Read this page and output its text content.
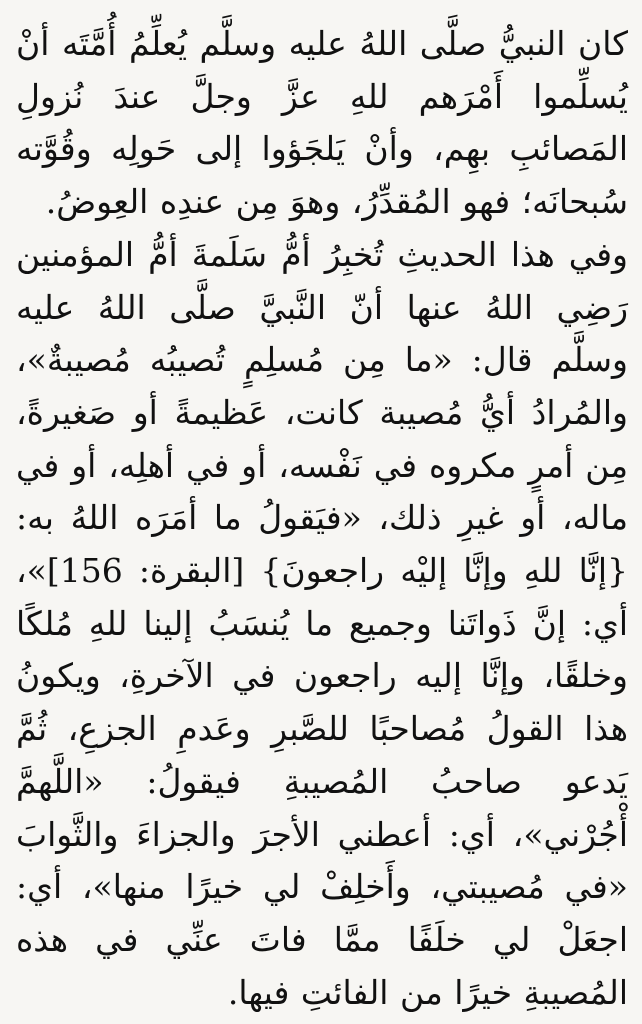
كان النبيُّ صلَّى اللهُ عليه وسلَّم يُعلِّمُ أُمَّتَه أنْ يُسلِّموا أَمْرَهم للهِ عزَّ وجلَّ عندَ نُزولِ المَصائبِ بهِم، وأنْ يَلجَؤوا إلى حَولِه وقُوَّته سُبحانَه؛ فهو المُقدِّرُ، وهوَ مِن عندِه العِوضُ.

وفي هذا الحديثِ تُخبِرُ أمُّ سَلَمةَ أمُّ المؤمنين رَضِي اللهُ عنها أنّ النَّبيَّ صلَّى اللهُ عليه وسلَّم قال: «ما مِن مُسلِمٍ تُصيبُه مُصيبةٌ»، والمُرادُ أيُّ مُصيبة كانت، عَظيمةً أو صَغيرةً، مِن أمرٍ مكروه في نَفْسه، أو في أهلِه، أو في ماله، أو غيرِ ذلك، «فيَقولُ ما أمَرَه اللهُ به: {إنَّا للهِ وإنَّا إليْه راجعونَ} [البقرة: 156]»، أي: إنَّ ذَواتَنا وجميع ما يُنسَبُ إلينا للهِ مُلكًا وخلقًا، وإنَّا إليه راجعون في الآخرةِ، ويكونُ هذا القولُ مُصاحبًا للصَّبرِ وعَدمِ الجزعِ، ثُمَّ يَدعو صاحبُ المُصيبةِ فيقولُ: «اللَّهمَّ أْجُرْني»، أي: أعطني الأجرَ والجزاءَ والثَّوابَ «في مُصيبتي، وأَخلِفْ لي خيرًا منها»، أي: اجعَلْ لي خلَفًا ممَّا فاتَ عنِّي في هذه المُصيبةِ خيرًا من الفائتِ فيها.
